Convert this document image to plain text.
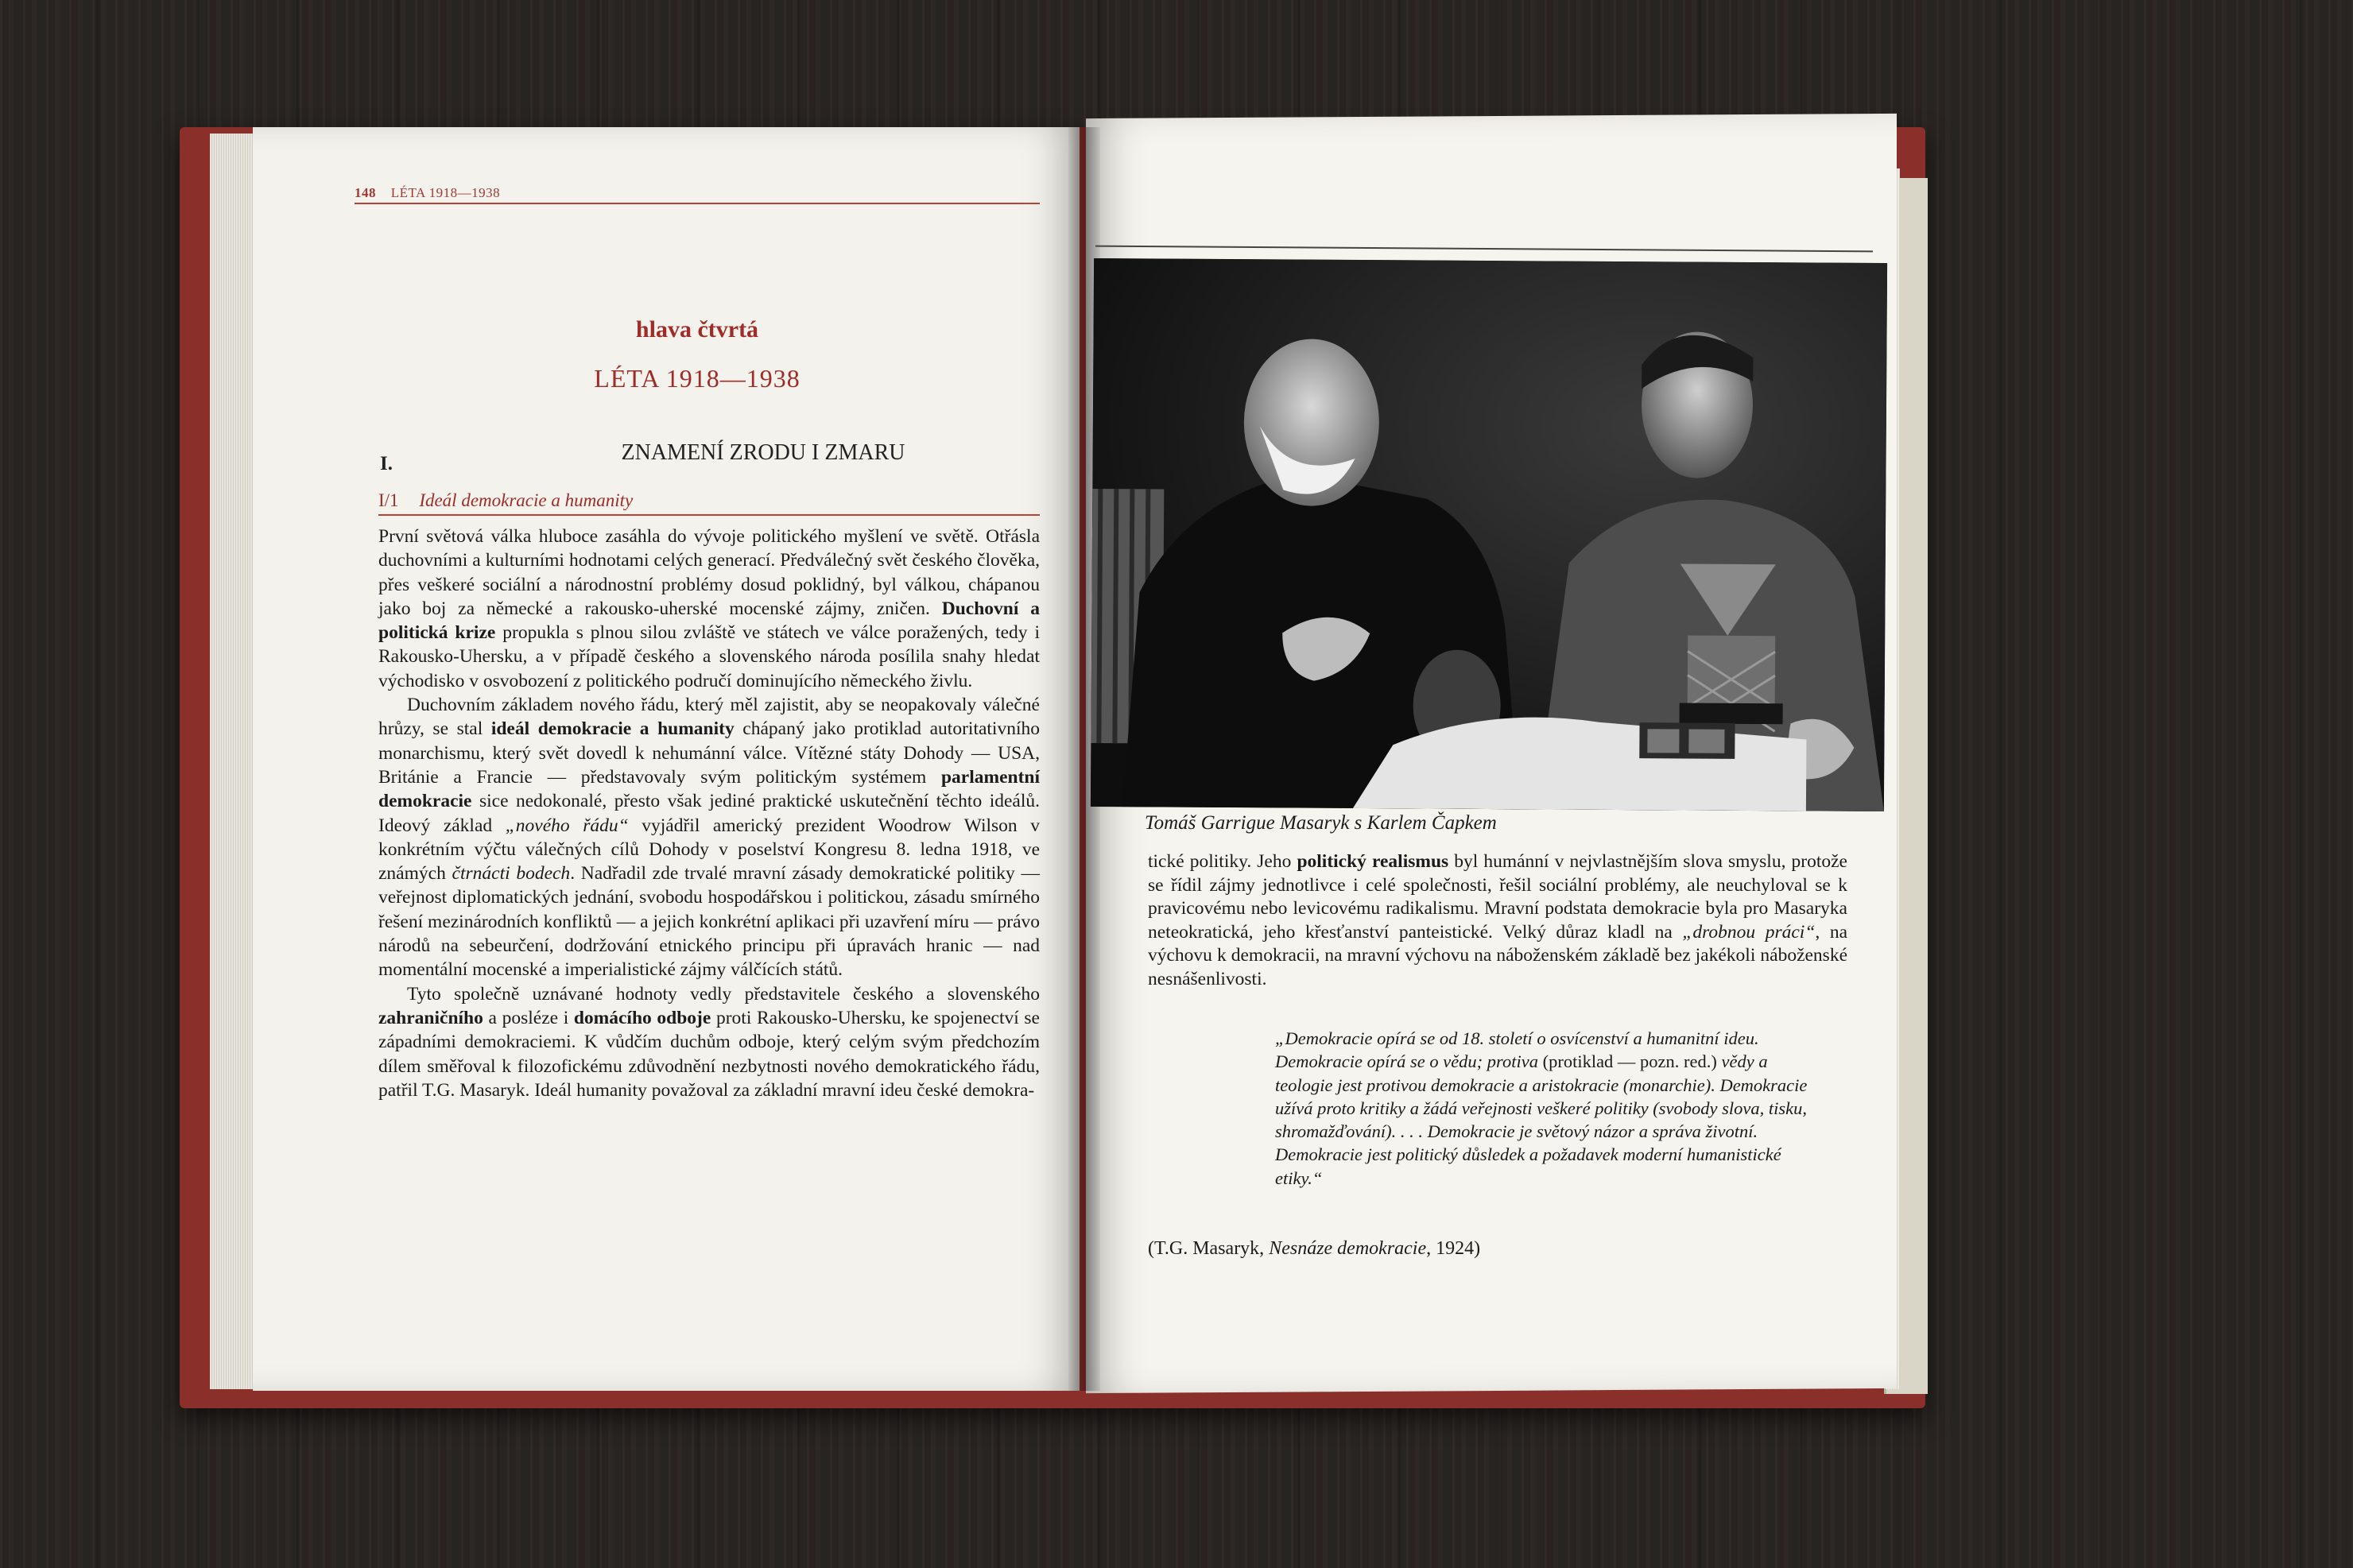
148 LÉTA 1918—1938
hlava čtvrtá
LÉTA 1918—1938
I.	ZNAMENÍ ZRODU I ZMARU
I/1 Ideál demokracie a humanity

První světová válka hluboce zasáhla do vývoje politického myšlení ve světě. Otřásla duchovními a kulturními hodnotami celých generací. Předválečný svět českého člověka, přes veškeré sociální a národnostní problémy dosud poklidný, byl válkou, chápanou jako boj za německé a rakousko-uherské mocenské zájmy, zničen. Duchovní a politická krize propukla s plnou silou zvláště ve státech ve válce poražených, tedy i Rakousko-Uhersku, a v případě českého a slovenského národa posílila snahy hledat východisko v osvobození z politického područí dominujícího německého živlu.

Duchovním základem nového řádu, který měl zajistit, aby se neopakovaly válečné hrůzy, se stal ideál demokracie a humanity chápaný jako protiklad autoritativního monarchismu, který svět dovedl k nehumánní válce. Vítězné státy Dohody — USA, Británie a Francie — představovaly svým politickým systémem parlamentní demokracie sice nedokonalé, přesto však jediné praktické uskutečnění těchto ideálů. Ideový základ „nového řádu“ vyjádřil americký prezident Woodrow Wilson v konkrétním výčtu válečných cílů Dohody v poselství Kongresu 8. ledna 1918, ve známých čtrnácti bodech. Nadřadil zde trvalé mravní zásady demokratické politiky — veřejnost diplomatických jednání, svobodu hospodářskou i politickou, zásadu smírného řešení mezinárodních konfliktů — a jejich konkrétní aplikaci při uzavření míru — právo národů na sebeurčení, dodržování etnického principu při úpravách hranic — nad momentální mocenské a imperialistické zájmy válčících států.

Tyto společně uznávané hodnoty vedly představitele českého a slovenského zahraničního a posléze i domácího odboje proti Rakousko-Uhersku, ke spojenectví se západními demokraciemi. K vůdčím duchům odboje, který celým svým předchozím dílem směřoval k filozofickému zdůvodnění nezbytnosti nového demokratického řádu, patřil T.G. Masaryk. Ideál humanity považoval za základní mravní ideu české demokra-

Tomáš Garrigue Masaryk s Karlem Čapkem

tické politiky. Jeho politický realismus byl humánní v nejvlastnějším slova smyslu, protože se řídil zájmy jednotlivce i celé společnosti, řešil sociální problémy, ale neuchyloval se k pravicovému nebo levicovému radikalismu. Mravní podstata demokracie byla pro Masaryka neteokratická, jeho křesťanství panteistické. Velký důraz kladl na „drobnou práci“, na výchovu k demokracii, na mravní výchovu na náboženském základě bez jakékoli náboženské nesnášenlivosti.

„Demokracie opírá se od 18. století o osvícenství a humanitní ideu. Demokracie opírá se o vědu; protiva (protiklad — pozn. red.) vědy a teologie jest protivou demokracie a aristokracie (monarchie). Demokracie užívá proto kritiky a žádá veřejnosti veškeré politiky (svobody slova, tisku, shromažďování). . . . Demokracie je světový názor a správa životní. Demokracie jest politický důsledek a požadavek moderní humanistické etiky.“
(T.G. Masaryk, Nesnáze demokracie, 1924)
